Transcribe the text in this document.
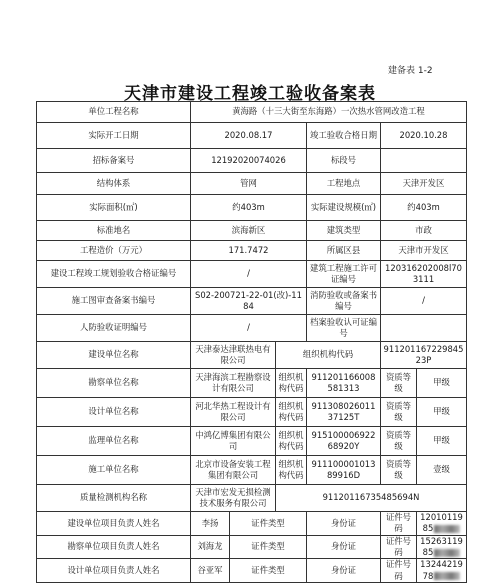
建备表 1-2
天津市建设工程竣工验收备案表
单位工程名称	黄海路（十三大街至东海路）一次热水管网改造工程					
实际开工日期	2020.08.17			竣工验收合格日期	2020.10.28	
招标备案号	12192020074026			标段号		
结构体系	管网			工程地点	天津开发区	
实际面积(㎡)	约403m			实际建设规模(㎡)	约403m	
标准地名	滨海新区			建筑类型	市政	
工程造价（万元）	171.7472			所属区县	天津市开发区	
建设工程竣工规划验收合格证编号	/			建筑工程施工许可证编号	120316202008l703111	
施工图审查备案书编号	S02-200721-22-01(改)-1184			消防验收或备案书编号	/	
人防验收证明编号	/			档案验收认可证编号		
建设单位名称	天津泰达津联热电有限公司		组织机构代码		91120116722984523P	
勘察单位名称	天津海滨工程勘察设计有限公司		组织机构代码	911201166008581313	资质等级	甲级
设计单位名称	河北华热工程设计有限公司		组织机构代码	91130802601137125T	资质等级	甲级
监理单位名称	中鸿亿博集团有限公司		组织机构代码	91510000692268920Y	资质等级	甲级
施工单位名称	北京市设备安装工程集团有限公司		组织机构代码	91110000101389916D	资质等级	壹级
质量检测机构名称	天津市宏发无损检测技术服务有限公司		91120116735485694N			
建设单位项目负责人姓名	李扬	证件类型		身份证	证件号码	1201011985
勘察单位项目负责人姓名	刘海龙	证件类型		身份证	证件号码	1526311985
设计单位项目负责人姓名	谷亚军	证件类型		身份证	证件号码	1324421978
